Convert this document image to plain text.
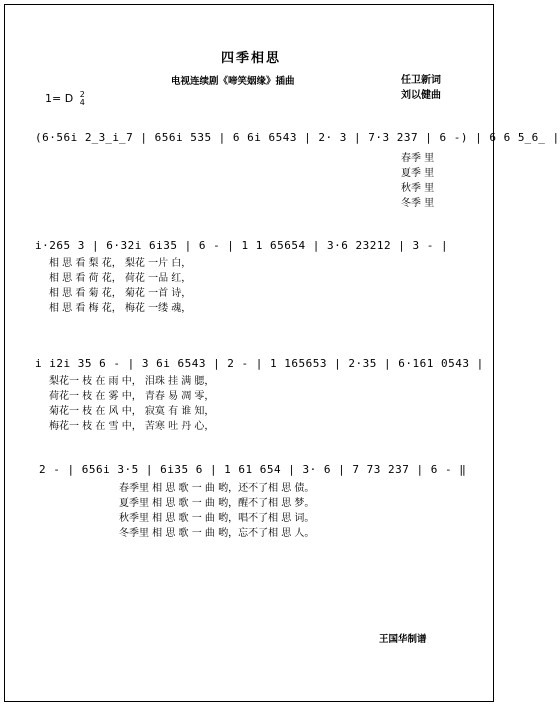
四季相思
电视连续剧《啼笑姻缘》插曲	任卫新词
刘以健曲
1= D 2
4
(6·56i 2̲3̲i̲7 | 656i 535 | 6 6i 6543 | 2· 3 | 7·3 237 | 6 -) | 6 6 5̲6̲ |
春季 里
夏季 里
秋季 里
冬季 里
i·265 3 | 6·32i 6i35 | 6 - | 1 1 65654 | 3·6 23212 | 3 - |
相 思 看 梨 花， 梨花 一片 白，
相 思 看 荷 花， 荷花 一品 红，
相 思 看 菊 花， 菊花 一首 诗，
相 思 看 梅 花， 梅花 一缕 魂，
i i2i 35 6 - | 3 6i 6543 | 2 - | 1 165653 | 2·35 | 6·161 0543 |
梨花一 枝 在 雨 中， 泪珠 挂 满 腮，
荷花一 枝 在 雾 中， 青春 易 凋 零，
菊花一 枝 在 风 中， 寂寞 有 谁 知，
梅花一 枝 在 雪 中， 苦寒 吐 丹 心，
2 - | 656i 3·5 | 6i35 6 | 1 61 654 | 3· 6 | 7 73 237 | 6 - ‖
春季里 相 思 歌 一 曲 哟，还不了相 思 债。
夏季里 相 思 歌 一 曲 哟，醒不了相 思 梦。
秋季里 相 思 歌 一 曲 哟，唱不了相 思 词。
冬季里 相 思 歌 一 曲 哟，忘不了相 思 人。
王国华制谱
